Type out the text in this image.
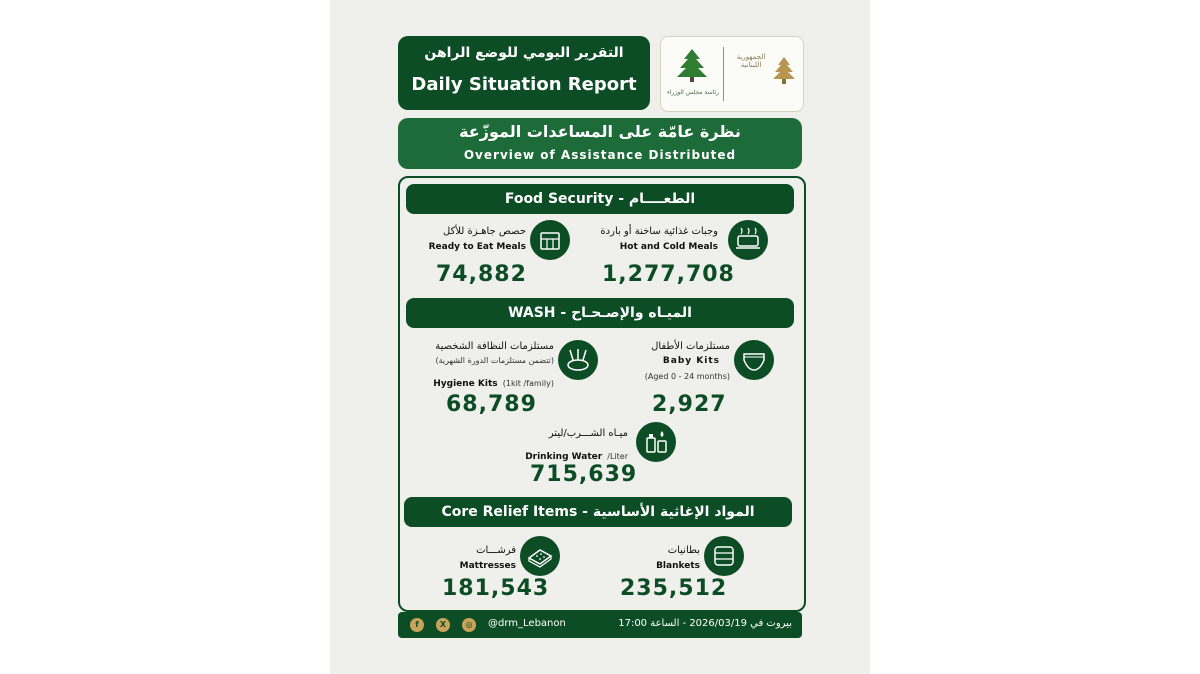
التقرير اليومي للوضع الراهن
Daily Situation Report	رئاسة مجلس الوزراء
الجمهورية اللبنانية
نظرة عامّة على المساعدات الموزّعة
Overview of Assistance Distributed
Food Security - الطعــــام
وجبات غذائية ساخنة أو باردة
Hot and Cold Meals
1,277,708
حصص جاهـزة للأكل
Ready to Eat Meals
74,882
WASH - الميـاه والإصـحـاح
مستلزمات الأطفال
Baby Kits
(Aged 0 - 24 months)
2,927
مستلزمات النظافة الشخصية
(تتضمن مستلزمات الدورة الشهرية)
Hygiene Kits (1kit /family)
68,789
ميـاه الشـــرب/ليتر
Drinking Water /Liter
715,639
Core Relief Items - المواد الإغاثية الأساسية
بطانيات
Blankets
235,512
فرشـــات
Mattresses
181,543
f	X	◎	@drm_Lebanon	بيروت في 2026/03/19 - الساعة 17:00
